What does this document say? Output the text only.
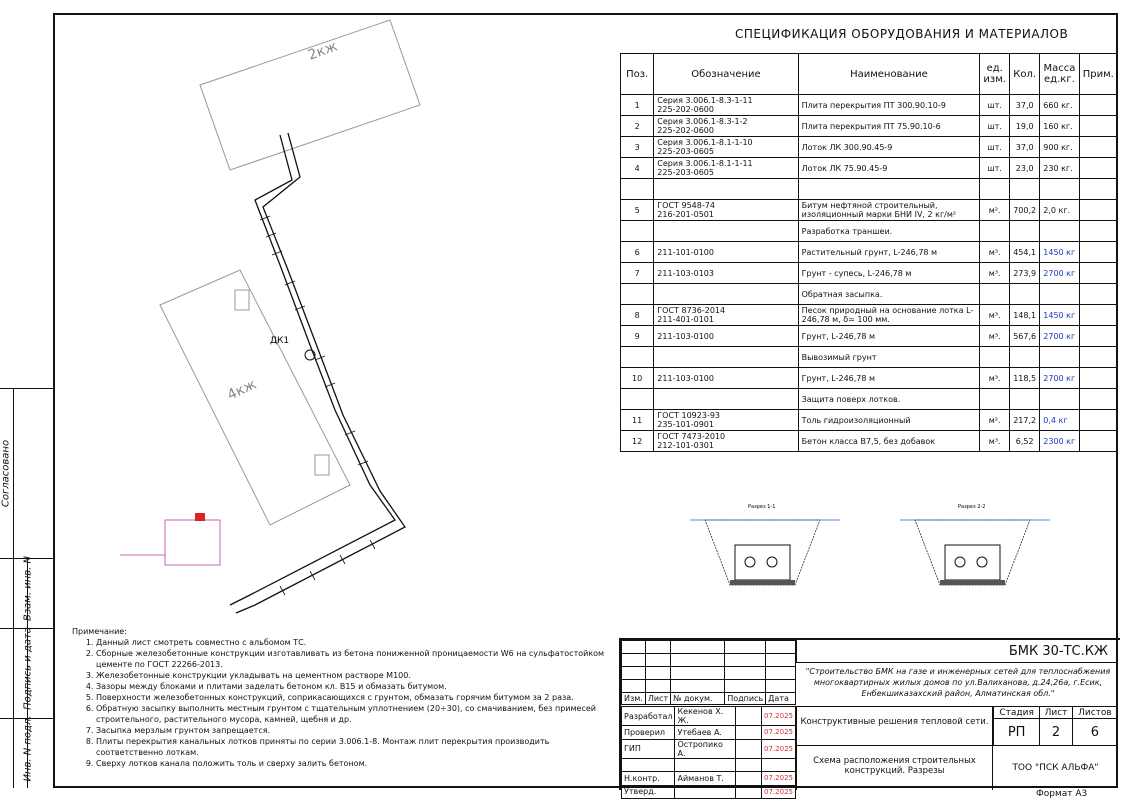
Согласовано
Взам. инв. N
Подпись и дата
Инв. N подл.
2кж
4кж
ДК1
СПЕЦИФИКАЦИЯ ОБОРУДОВАНИЯ И МАТЕРИАЛОВ
Поз.	Обозначение	Наименование	ед. изм.	Кол.	Масса ед.кг.	Прим.
1	Серия 3.006.1-8.3-1-11
225-202-0600	Плита перекрытия ПТ 300.90.10-9	шт.	37,0	660 кг.	
2	Серия 3.006.1-8.3-1-2
225-202-0600	Плита перекрытия ПТ 75.90.10-6	шт.	19,0	160 кг.	
3	Серия 3.006.1-8.1-1-10
225-203-0605	Лоток ЛК 300.90.45-9	шт.	37,0	900 кг.	
4	Серия 3.006.1-8.1-1-11
225-203-0605	Лоток ЛК 75.90.45-9	шт.	23,0	230 кг.	

5	ГОСТ 9548-74
216-201-0501	Битум нефтяной строительный, изоляционный марки БНИ IV, 2 кг/м²	м².	700,2	2,0 кг.	
		Разработка траншеи.				
6	211-101-0100	Растительный грунт, L-246,78 м	м³.	454,1	1450 кг	
7	211-103-0103	Грунт - супесь, L-246,78 м	м³.	273,9	2700 кг	
		Обратная засыпка.				
8	ГОСТ 8736-2014
211-401-0101	Песок природный на основание лотка L-246,78 м, δ= 100 мм.	м³.	148,1	1450 кг	
9	211-103-0100	Грунт, L-246,78 м	м³.	567,6	2700 кг	
		Вывозимый грунт				
10	211-103-0100	Грунт, L-246,78 м	м³.	118,5	2700 кг	
		Защита поверх лотков.				
11	ГОСТ 10923-93
235-101-0901	Толь гидроизоляционный	м².	217,2	0,4 кг	
12	ГОСТ 7473-2010
212-101-0301	Бетон класса В7,5, без добавок	м³.	6,52	2300 кг	
Разрез 1-1	Разрез 2-2
Примечание:
1. Данный лист смотреть совместно с альбомом ТС.
2. Сборные железобетонные конструкции изготавливать из бетона пониженной проницаемости W6 на сульфатостойком цементе по ГОСТ 22266-2013.
3. Железобетонные конструкции укладывать на цементном растворе М100.
4. Зазоры между блоками и плитами заделать бетоном кл. В15 и обмазать битумом.
5. Поверхности железобетонных конструкций, соприкасающихся с грунтом, обмазать горячим битумом за 2 раза.
6. Обратную засыпку выполнить местным грунтом с тщательным уплотнением (20÷30), со смачиванием, без примесей строительного, растительного мусора, камней, щебня и др.
7. Засыпка мерзлым грунтом запрещается.
8. Плиты перекрытия канальных лотков приняты по серии 3.006.1-8. Монтаж плит перекрытия производить соответственно лоткам.
9. Сверху лотков канала положить толь и сверху залить бетоном.

Изм.	Лист	№ докум.	Подпись	Дата
Разработал	Кекенов Х. Ж.		07.2025
Проверил	Утебаев А.		07.2025
ГИП	Остропико А.		07.2025

Н.контр.	Айманов Т.		07.2025
Утверд.			07.2025
БМК 30-ТС.КЖ
"Строительство БМК на газе и инженерных сетей для теплоснабжения многоквартирных жилых домов по ул.Валиханова, д.24,26а, г.Есик, Енбекшиказахский район, Алматинская обл."
Конструктивные решения тепловой сети.
Схема расположения строительных конструкций. Разрезы
Стадия	Лист	Листов
РП	2	6
ТОО "ПСК АЛЬФА"
Формат А3
